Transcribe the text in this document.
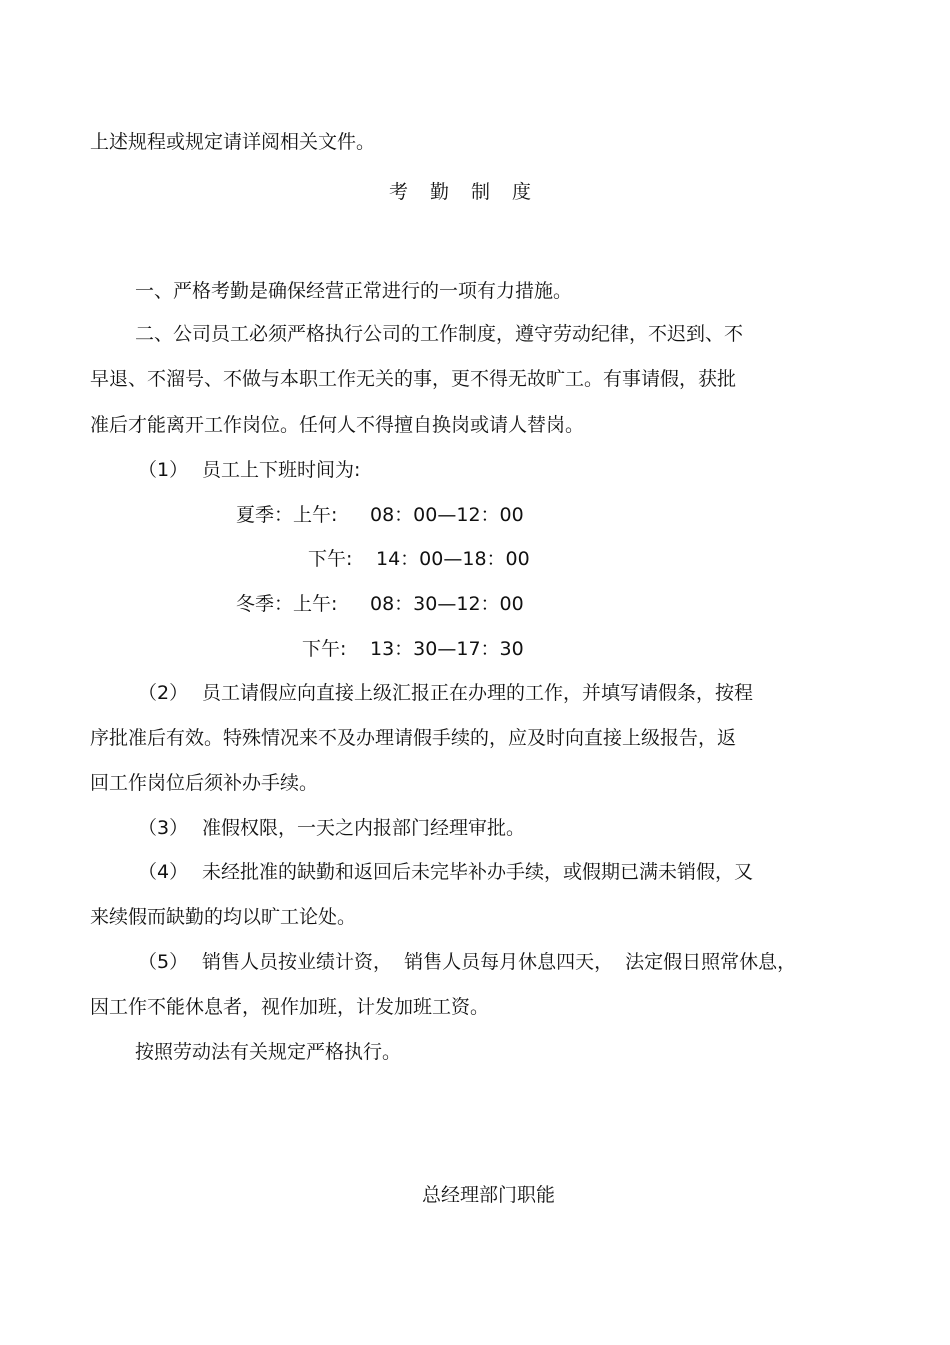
上述规程或规定请详阅相关文件。
考勤制度
一、严格考勤是确保经营正常进行的一项有力措施。
二、公司员工必须严格执行公司的工作制度，遵守劳动纪律，不迟到、不
早退、不溜号、不做与本职工作无关的事，更不得无故旷工。有事请假，获批
准后才能离开工作岗位。任何人不得擅自换岗或请人替岗。
（1） 员工上下班时间为:
夏季：上午: 08：00—12：00
下午: 14：00—18：00
冬季：上午: 08：30—12：00
下午: 13：30—17：30
（2） 员工请假应向直接上级汇报正在办理的工作，并填写请假条，按程
序批准后有效。特殊情况来不及办理请假手续的，应及时向直接上级报告，返
回工作岗位后须补办手续。
（3） 准假权限，一天之内报部门经理审批。
（4） 未经批准的缺勤和返回后未完毕补办手续，或假期已满未销假，又
来续假而缺勤的均以旷工论处。
（5） 销售人员按业绩计资，  销售人员每月休息四天，  法定假日照常休息，
因工作不能休息者，视作加班，计发加班工资。
按照劳动法有关规定严格执行。
总经理部门职能
